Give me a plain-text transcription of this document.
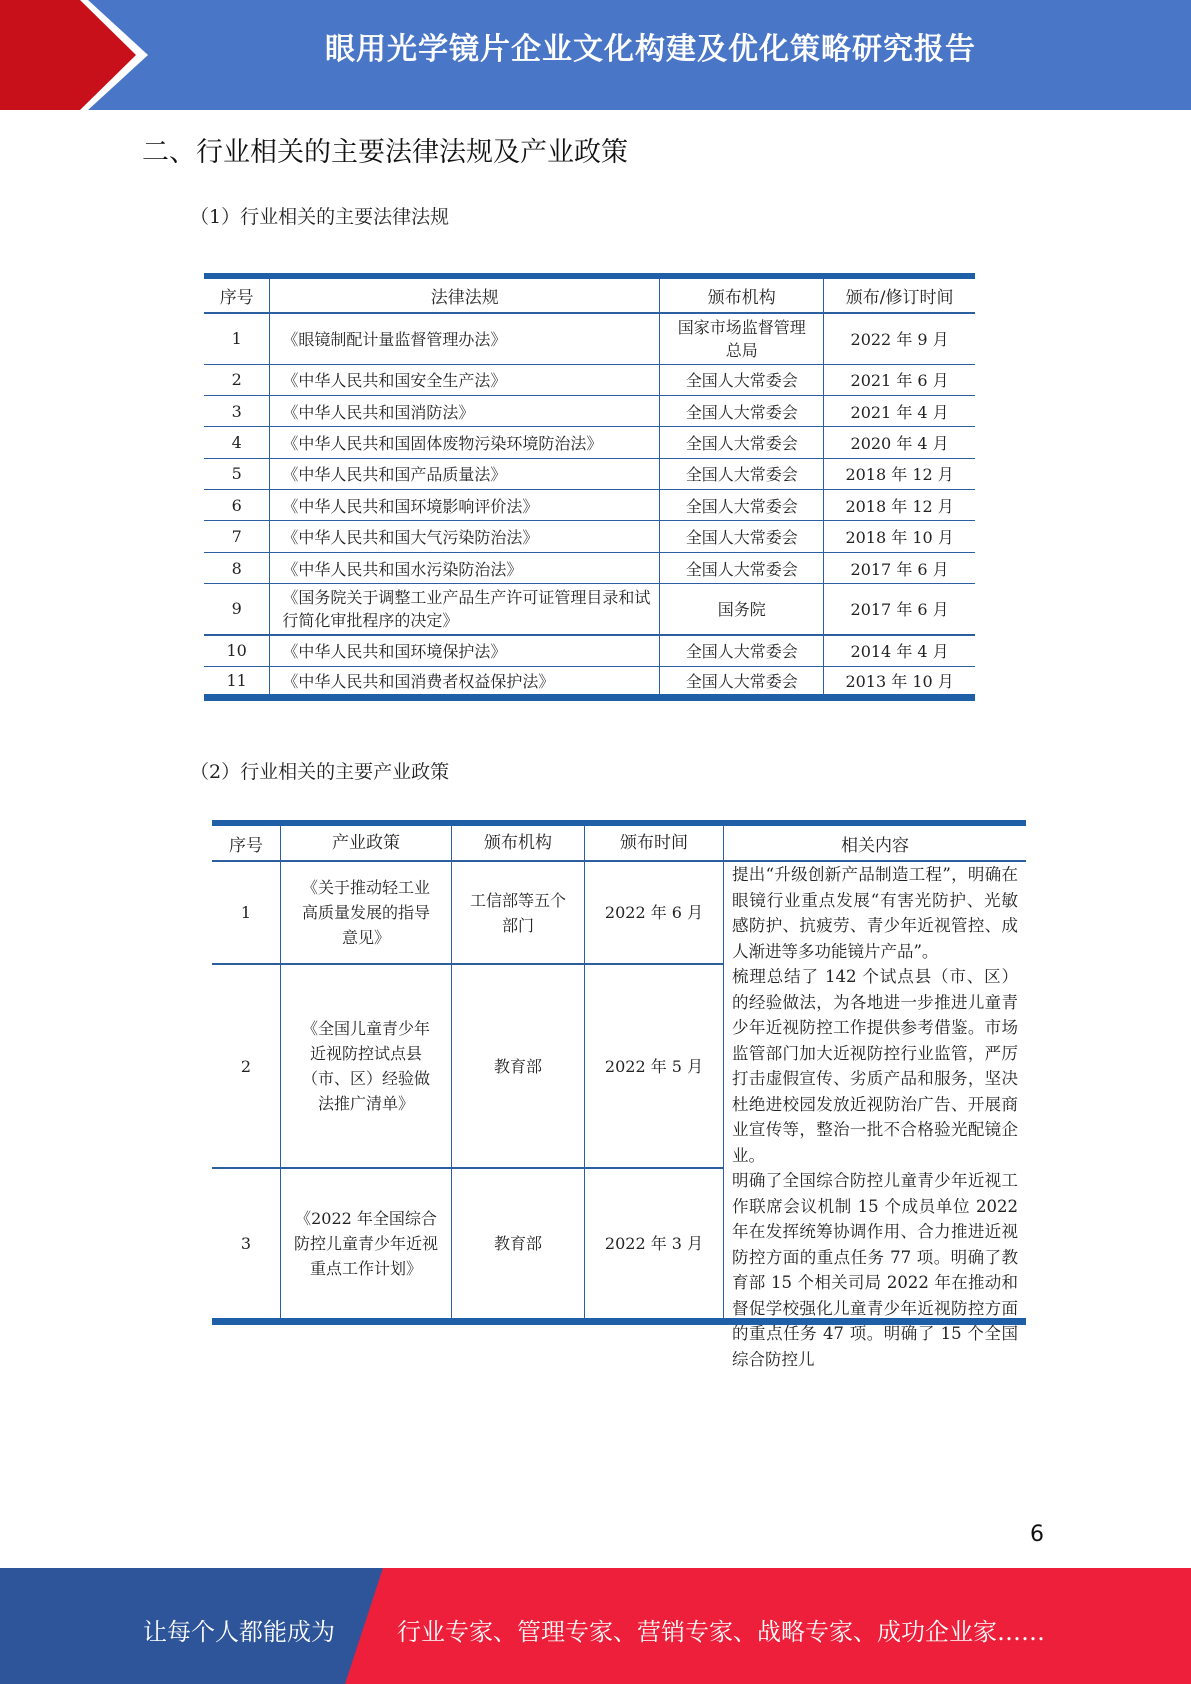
眼用光学镜片企业文化构建及优化策略研究报告
二、行业相关的主要法律法规及产业政策
（1）行业相关的主要法律法规
序号	法律法规	颁布机构	颁布/修订时间
1	《眼镜制配计量监督管理办法》	国家市场监督管理总局	2022 年 9 月
2	《中华人民共和国安全生产法》	全国人大常委会	2021 年 6 月
3	《中华人民共和国消防法》	全国人大常委会	2021 年 4 月
4	《中华人民共和国固体废物污染环境防治法》	全国人大常委会	2020 年 4 月
5	《中华人民共和国产品质量法》	全国人大常委会	2018 年 12 月
6	《中华人民共和国环境影响评价法》	全国人大常委会	2018 年 12 月
7	《中华人民共和国大气污染防治法》	全国人大常委会	2018 年 10 月
8	《中华人民共和国水污染防治法》	全国人大常委会	2017 年 6 月
9	《国务院关于调整工业产品生产许可证管理目录和试行简化审批程序的决定》	国务院	2017 年 6 月
10	《中华人民共和国环境保护法》	全国人大常委会	2014 年 4 月
11	《中华人民共和国消费者权益保护法》	全国人大常委会	2013 年 10 月
（2）行业相关的主要产业政策
序号	产业政策	颁布机构	颁布时间	相关内容
1	《关于推动轻工业高质量发展的指导意见》	工信部等五个部门	2022 年 6 月	提出“升级创新产品制造工程”，明确在眼镜行业重点发展“有害光防护、光敏感防护、抗疲劳、青少年近视管控、成人渐进等多功能镜片产品”。
2	《全国儿童青少年近视防控试点县（市、区）经验做法推广清单》	教育部	2022 年 5 月	梳理总结了 142 个试点县（市、区）的经验做法，为各地进一步推进儿童青少年近视防控工作提供参考借鉴。市场监管部门加大近视防控行业监管，严厉打击虚假宣传、劣质产品和服务，坚决杜绝进校园发放近视防治广告、开展商业宣传等，整治一批不合格验光配镜企业。
3	《2022 年全国综合防控儿童青少年近视重点工作计划》	教育部	2022 年 3 月	明确了全国综合防控儿童青少年近视工作联席会议机制 15 个成员单位 2022 年在发挥统筹协调作用、合力推进近视防控方面的重点任务 77 项。明确了教育部 15 个相关司局 2022 年在推动和督促学校强化儿童青少年近视防控方面的重点任务 47 项。明确了 15 个全国综合防控儿
6
让每个人都能成为	行业专家、管理专家、营销专家、战略专家、成功企业家……
